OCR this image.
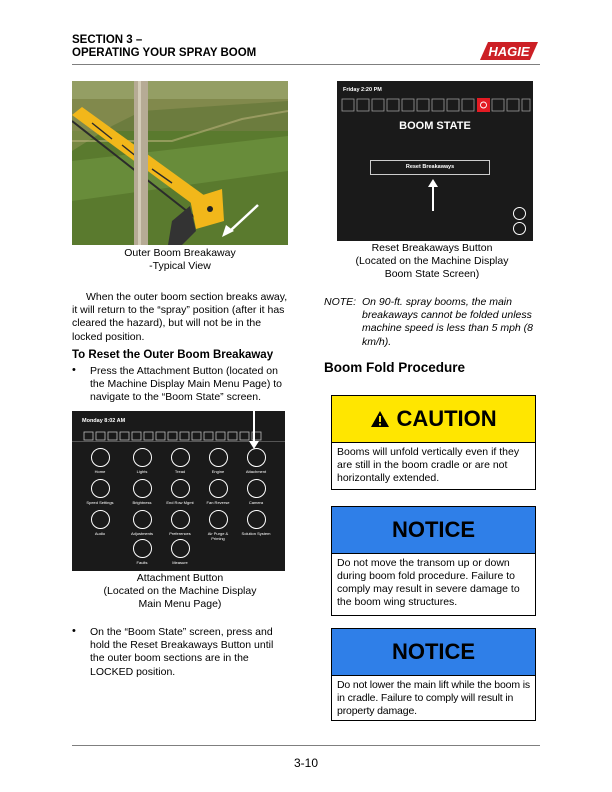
SECTION 3 –
OPERATING YOUR SPRAY BOOM	HAGIE
Outer Boom Breakaway
-Typical View
When the outer boom section breaks away, it will return to the “spray” position (after it has cleared the hazard), but will not be in the locked position.
To Reset the Outer Boom Breakaway
• Press the Attachment Button (located on the Machine Display Main Menu Page) to navigate to the “Boom State” screen.
Monday 8:02 AM
Home	Lights	Tread	Engine	Attachment
Speed Settings	Brightness	End Row Mgmt	Fan Reverse	Camera
Audio	Adjustments	Preferences	Air Purge & Priming
Solution System
Faults	Measure
Attachment Button
(Located on the Machine Display
Main Menu Page)
• On the “Boom State” screen, press and hold the Reset Breakaways Button until the outer boom sections are in the LOCKED position.
Friday 2:20 PM
BOOM STATE
Reset Breakaways
Reset Breakaways Button
(Located on the Machine Display
Boom State Screen)
NOTE: On 90-ft. spray booms, the main breakaways cannot be folded unless machine speed is less than 5 mph (8 km/h).
Boom Fold Procedure
CAUTION
Booms will unfold vertically even if they are still in the boom cradle or are not horizontally extended.
NOTICE
Do not move the transom up or down during boom fold procedure. Failure to comply may result in severe damage to the boom wing structures.
NOTICE
Do not lower the main lift while the boom is in cradle. Failure to comply will result in property damage.
3-10
